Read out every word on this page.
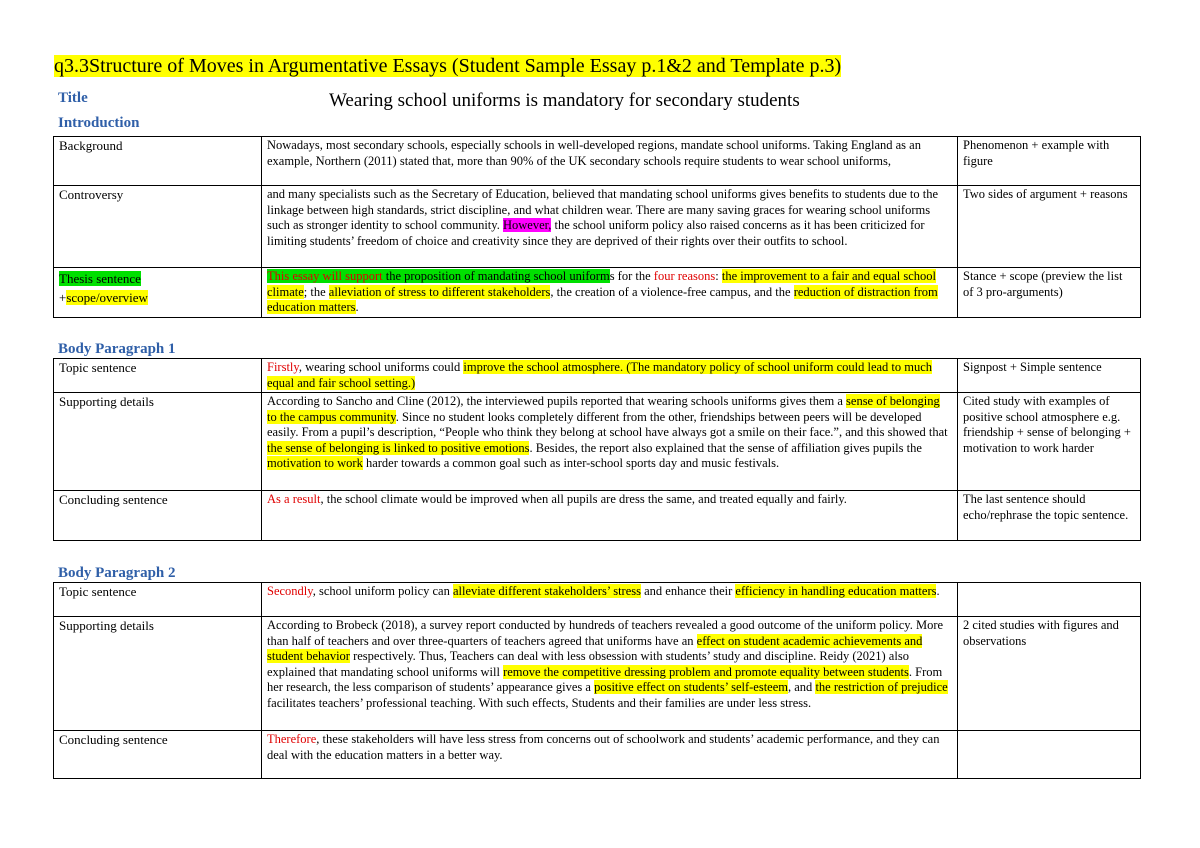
q3.3Structure of Moves in Argumentative Essays (Student Sample Essay p.1&2 and Template p.3)
Title	Wearing school uniforms is mandatory for secondary students
Introduction
Background	Nowadays, most secondary schools, especially schools in well-developed regions, mandate school uniforms. Taking England as an example, Northern (2011) stated that, more than 90% of the UK secondary schools require students to wear school uniforms,	Phenomenon + example with figure
Controversy	and many specialists such as the Secretary of Education, believed that mandating school uniforms gives benefits to students due to the linkage between high standards, strict discipline, and what children wear. There are many saving graces for wearing school uniforms such as stronger identity to school community. However, the school uniform policy also raised concerns as it has been criticized for limiting students’ freedom of choice and creativity since they are deprived of their rights over their outfits to school.	Two sides of argument + reasons
Thesis sentence
+scope/overview	This essay will support the proposition of mandating school uniforms for the four reasons: the improvement to a fair and equal school climate; the alleviation of stress to different stakeholders, the creation of a violence-free campus, and the reduction of distraction from education matters.	Stance + scope (preview the list of 3 pro-arguments)
Body Paragraph 1
Topic sentence	Firstly, wearing school uniforms could improve the school atmosphere. (The mandatory policy of school uniform could lead to much equal and fair school setting.)	Signpost + Simple sentence
Supporting details	According to Sancho and Cline (2012), the interviewed pupils reported that wearing schools uniforms gives them a sense of belonging to the campus community. Since no student looks completely different from the other, friendships between peers will be developed easily. From a pupil’s description, “People who think they belong at school have always got a smile on their face.”, and this showed that the sense of belonging is linked to positive emotions. Besides, the report also explained that the sense of affiliation gives pupils the motivation to work harder towards a common goal such as inter-school sports day and music festivals.	Cited study with examples of positive school atmosphere e.g. friendship + sense of belonging + motivation to work harder
Concluding sentence	As a result, the school climate would be improved when all pupils are dress the same, and treated equally and fairly.	The last sentence should echo/rephrase the topic sentence.
Body Paragraph 2
Topic sentence	Secondly, school uniform policy can alleviate different stakeholders’ stress and enhance their efficiency in handling education matters.	
Supporting details	According to Brobeck (2018), a survey report conducted by hundreds of teachers revealed a good outcome of the uniform policy. More than half of teachers and over three-quarters of teachers agreed that uniforms have an effect on student academic achievements and student behavior respectively. Thus, Teachers can deal with less obsession with students’ study and discipline. Reidy (2021) also explained that mandating school uniforms will remove the competitive dressing problem and promote equality between students. From her research, the less comparison of students’ appearance gives a positive effect on students’ self-esteem, and the restriction of prejudice facilitates teachers’ professional teaching. With such effects, Students and their families are under less stress.	2 cited studies with figures and observations
Concluding sentence	Therefore, these stakeholders will have less stress from concerns out of schoolwork and students’ academic performance, and they can deal with the education matters in a better way.	
